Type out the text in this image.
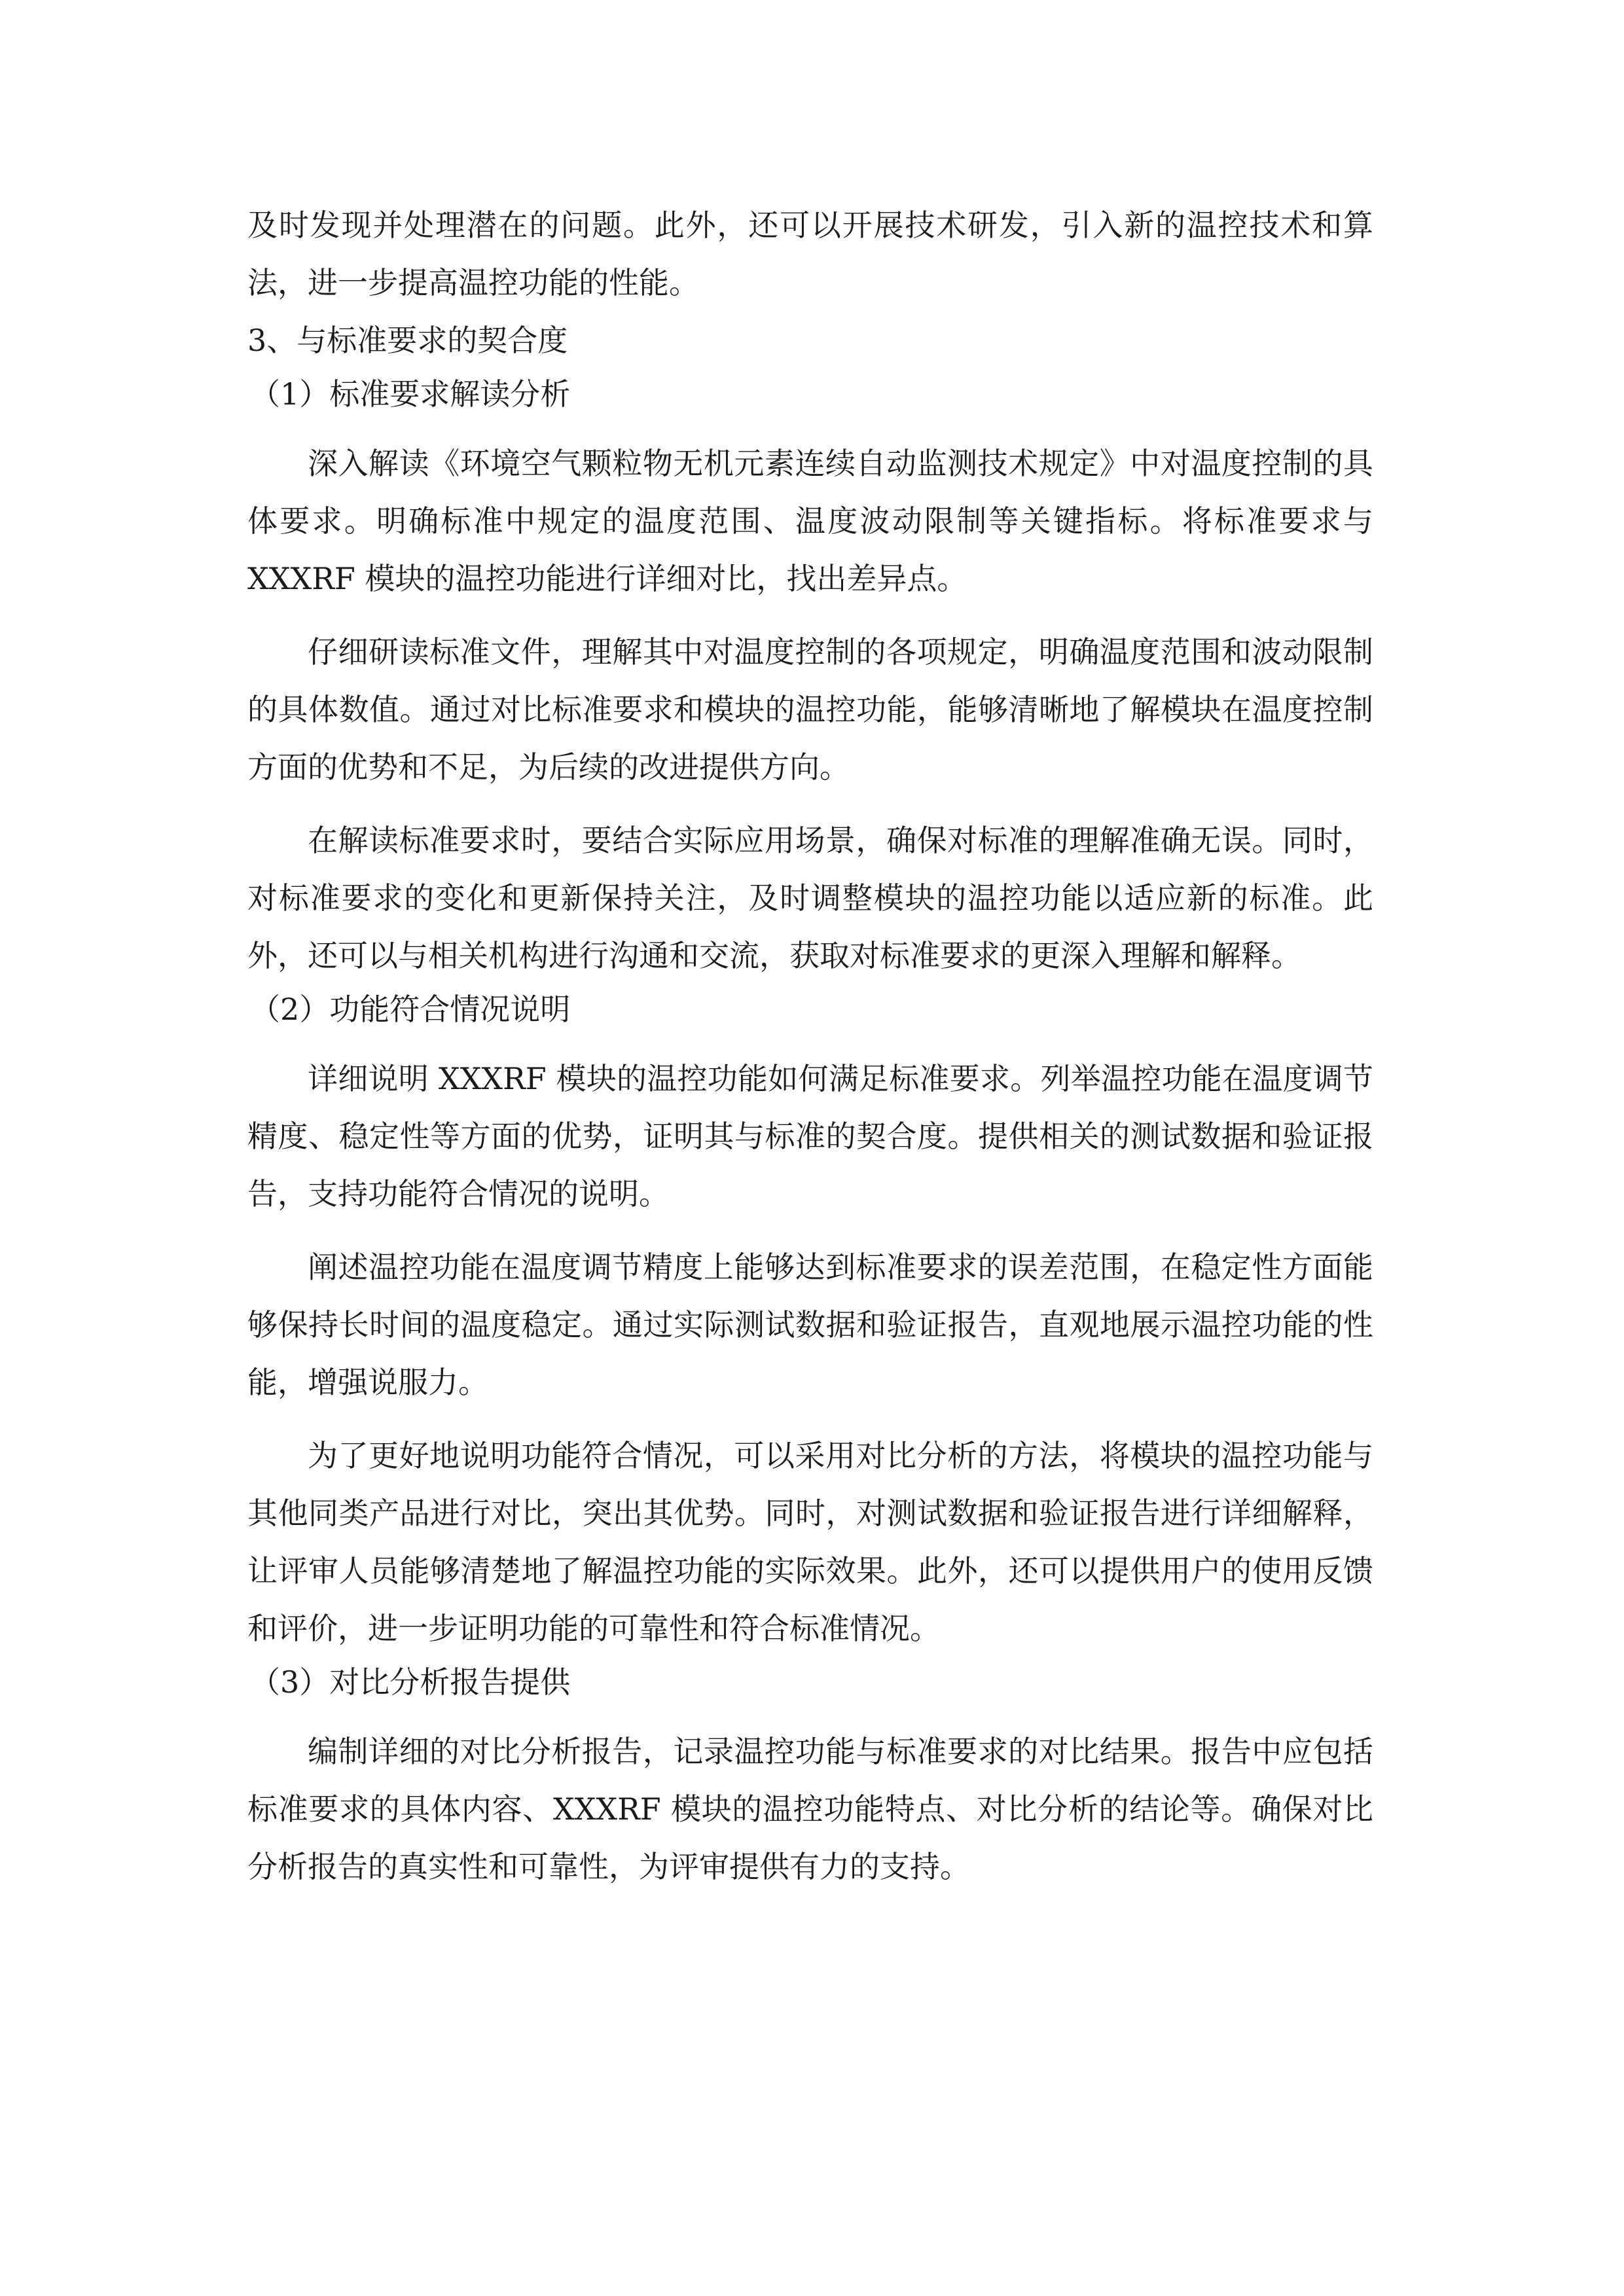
及时发现并处理潜在的问题。此外，还可以开展技术研发，引入新的温控技术和算法，进一步提高温控功能的性能。

3、与标准要求的契合度

（1）标准要求解读分析

深入解读《环境空气颗粒物无机元素连续自动监测技术规定》中对温度控制的具体要求。明确标准中规定的温度范围、温度波动限制等关键指标。将标准要求与 XXXRF 模块的温控功能进行详细对比，找出差异点。

仔细研读标准文件，理解其中对温度控制的各项规定，明确温度范围和波动限制的具体数值。通过对比标准要求和模块的温控功能，能够清晰地了解模块在温度控制方面的优势和不足，为后续的改进提供方向。

在解读标准要求时，要结合实际应用场景，确保对标准的理解准确无误。同时，对标准要求的变化和更新保持关注，及时调整模块的温控功能以适应新的标准。此外，还可以与相关机构进行沟通和交流，获取对标准要求的更深入理解和解释。

（2）功能符合情况说明

详细说明 XXXRF 模块的温控功能如何满足标准要求。列举温控功能在温度调节精度、稳定性等方面的优势，证明其与标准的契合度。提供相关的测试数据和验证报告，支持功能符合情况的说明。

阐述温控功能在温度调节精度上能够达到标准要求的误差范围，在稳定性方面能够保持长时间的温度稳定。通过实际测试数据和验证报告，直观地展示温控功能的性能，增强说服力。

为了更好地说明功能符合情况，可以采用对比分析的方法，将模块的温控功能与其他同类产品进行对比，突出其优势。同时，对测试数据和验证报告进行详细解释，让评审人员能够清楚地了解温控功能的实际效果。此外，还可以提供用户的使用反馈和评价，进一步证明功能的可靠性和符合标准情况。

（3）对比分析报告提供

编制详细的对比分析报告，记录温控功能与标准要求的对比结果。报告中应包括标准要求的具体内容、XXXRF 模块的温控功能特点、对比分析的结论等。确保对比分析报告的真实性和可靠性，为评审提供有力的支持。
